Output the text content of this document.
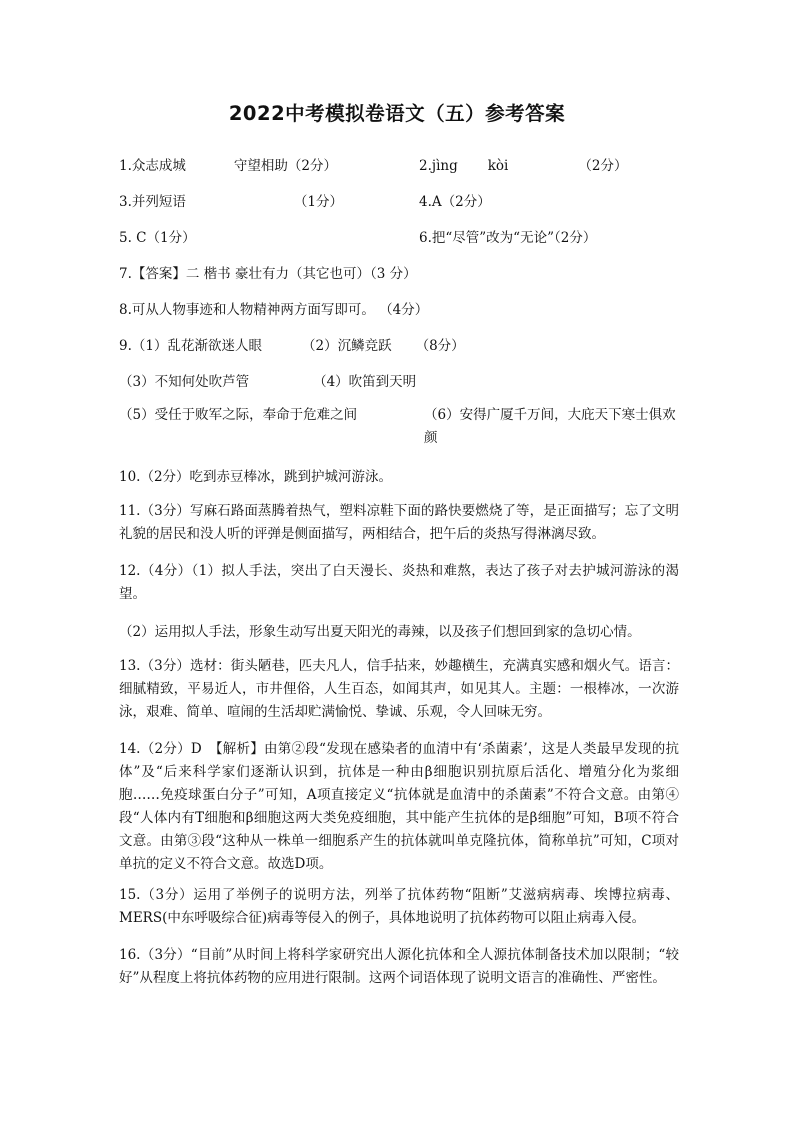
2022中考模拟卷语文（五）参考答案
1.众志成城	守望相助（2分）	2.jìng kòi	（2分）
3.并列短语	（1分）	4.A（2分）
5. C（1分）	6.把“尽管”改为“无论”（2分）
7.【答案】二 楷书 豪壮有力（其它也可）（3 分）
8.可从人物事迹和人物精神两方面写即可。 （4分）
9.（1）乱花渐欲迷人眼	（2）沉鳞竞跃 （8分）
（3）不知何处吹芦管	（4）吹笛到天明
（5）受任于败军之际，奉命于危难之间	（6）安得广厦千万间，大庇天下寒士俱欢颜
10.（2分）吃到赤豆棒冰，跳到护城河游泳。
11.（3分）写麻石路面蒸腾着热气，塑料凉鞋下面的路快要燃烧了等，是正面描写；忘了文明礼貌的居民和没人听的评弹是侧面描写，两相结合，把午后的炎热写得淋漓尽致。
12.（4分）（1）拟人手法，突出了白天漫长、炎热和难熬，表达了孩子对去护城河游泳的渴望。
（2）运用拟人手法，形象生动写出夏天阳光的毒辣，以及孩子们想回到家的急切心情。
13.（3分）选材：街头陋巷，匹夫凡人，信手拈来，妙趣横生，充满真实感和烟火气。语言：细腻精致，平易近人，市井俚俗，人生百态，如闻其声，如见其人。主题：一根棒冰，一次游泳，艰难、简单、喧闹的生活却贮满愉悦、挚诚、乐观，令人回味无穷。
14.（2分）D　【解析】由第②段“发现在感染者的血清中有‘杀菌素’，这是人类最早发现的抗体”及“后来科学家们逐渐认识到，抗体是一种由β细胞识别抗原后活化、增殖分化为浆细胞……免疫球蛋白分子”可知，A项直接定义“抗体就是血清中的杀菌素”不符合文意。由第④段“人体内有T细胞和β细胞这两大类免疫细胞，其中能产生抗体的是β细胞”可知，B项不符合文意。由第③段“这种从一株单一细胞系产生的抗体就叫单克隆抗体，简称单抗”可知，C项对单抗的定义不符合文意。故选D项。
15.（3分）运用了举例子的说明方法，列举了抗体药物“阻断”艾滋病病毒、埃博拉病毒、MERS(中东呼吸综合征)病毒等侵入的例子，具体地说明了抗体药物可以阻止病毒入侵。
16.（3分）“目前”从时间上将科学家研究出人源化抗体和全人源抗体制备技术加以限制；“较好”从程度上将抗体药物的应用进行限制。这两个词语体现了说明文语言的准确性、严密性。
